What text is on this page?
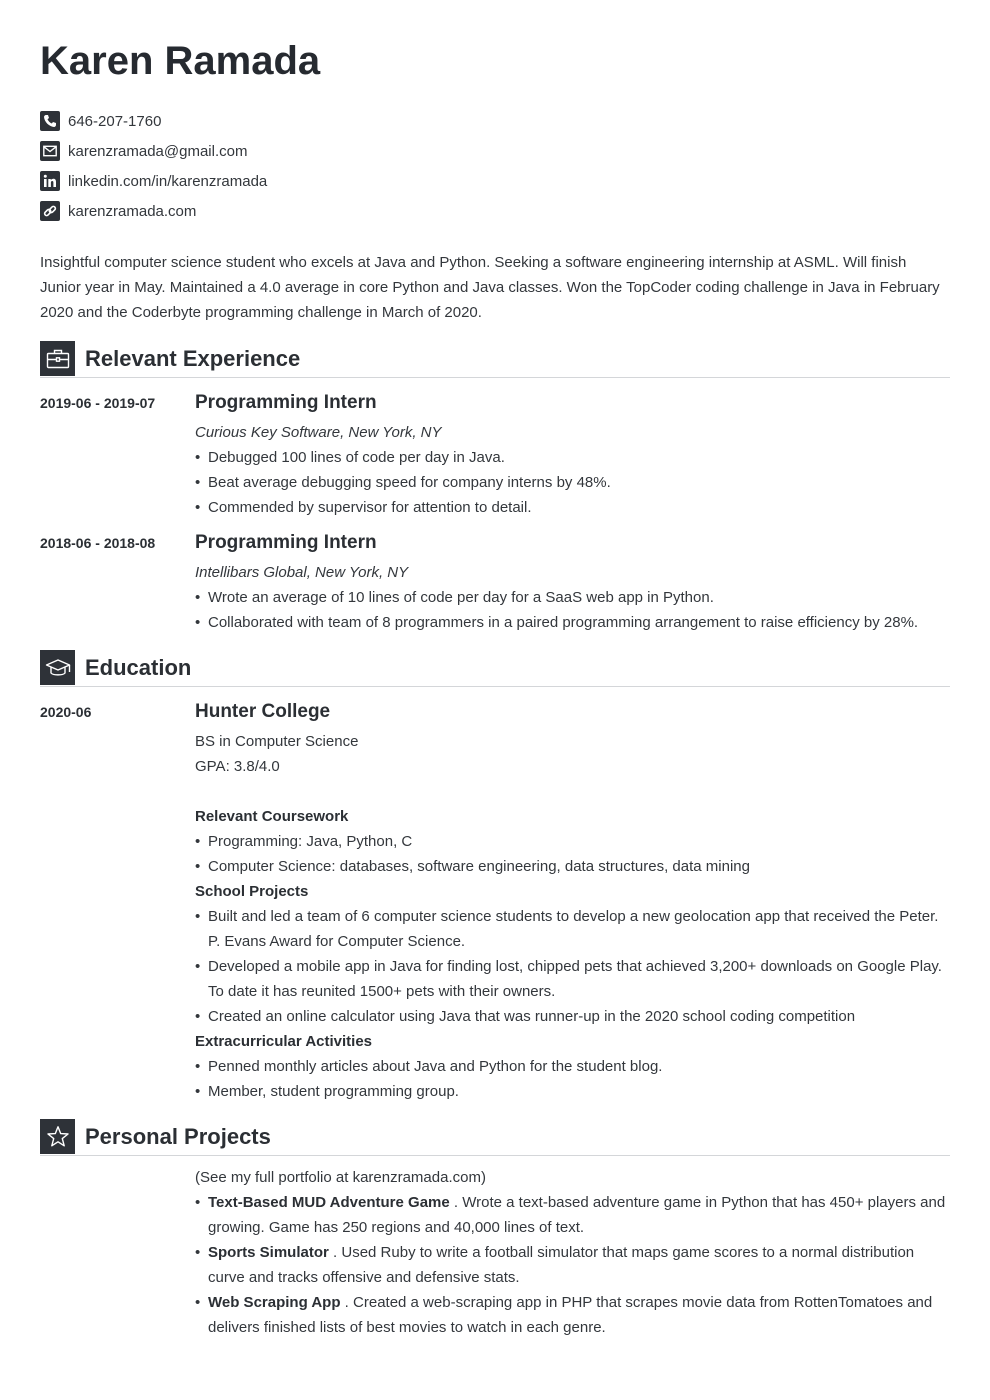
Karen Ramada
646-207-1760
karenzramada@gmail.com
linkedin.com/in/karenzramada
karenzramada.com

Insightful computer science student who excels at Java and Python. Seeking a software engineering internship at ASML. Will finish Junior year in May. Maintained a 4.0 average in core Python and Java classes. Won the TopCoder coding challenge in Java in February 2020 and the Coderbyte programming challenge in March of 2020.

Relevant Experience
2019-06 - 2019-07 Programming Intern
Curious Key Software, New York, NY
• Debugged 100 lines of code per day in Java.
• Beat average debugging speed for company interns by 48%.
• Commended by supervisor for attention to detail.
2018-06 - 2018-08 Programming Intern
Intellibars Global, New York, NY
• Wrote an average of 10 lines of code per day for a SaaS web app in Python.
• Collaborated with team of 8 programmers in a paired programming arrangement to raise efficiency by 28%.
Education
2020-06	Hunter College
BS in Computer Science
GPA: 3.8/4.0
Relevant Coursework
• Programming: Java, Python, C
• Computer Science: databases, software engineering, data structures, data mining
School Projects
• Built and led a team of 6 computer science students to develop a new geolocation app that received the Peter. P. Evans Award for Computer Science.
• Developed a mobile app in Java for finding lost, chipped pets that achieved 3,200+ downloads on Google Play. To date it has reunited 1500+ pets with their owners.
• Created an online calculator using Java that was runner-up in the 2020 school coding competition
Extracurricular Activities
• Penned monthly articles about Java and Python for the student blog.
• Member, student programming group.
Personal Projects
(See my full portfolio at karenzramada.com)
• Text-Based MUD Adventure Game . Wrote a text-based adventure game in Python that has 450+ players and growing. Game has 250 regions and 40,000 lines of text.
• Sports Simulator . Used Ruby to write a football simulator that maps game scores to a normal distribution curve and tracks offensive and defensive stats.
• Web Scraping App . Created a web-scraping app in PHP that scrapes movie data from RottenTomatoes and delivers finished lists of best movies to watch in each genre.
